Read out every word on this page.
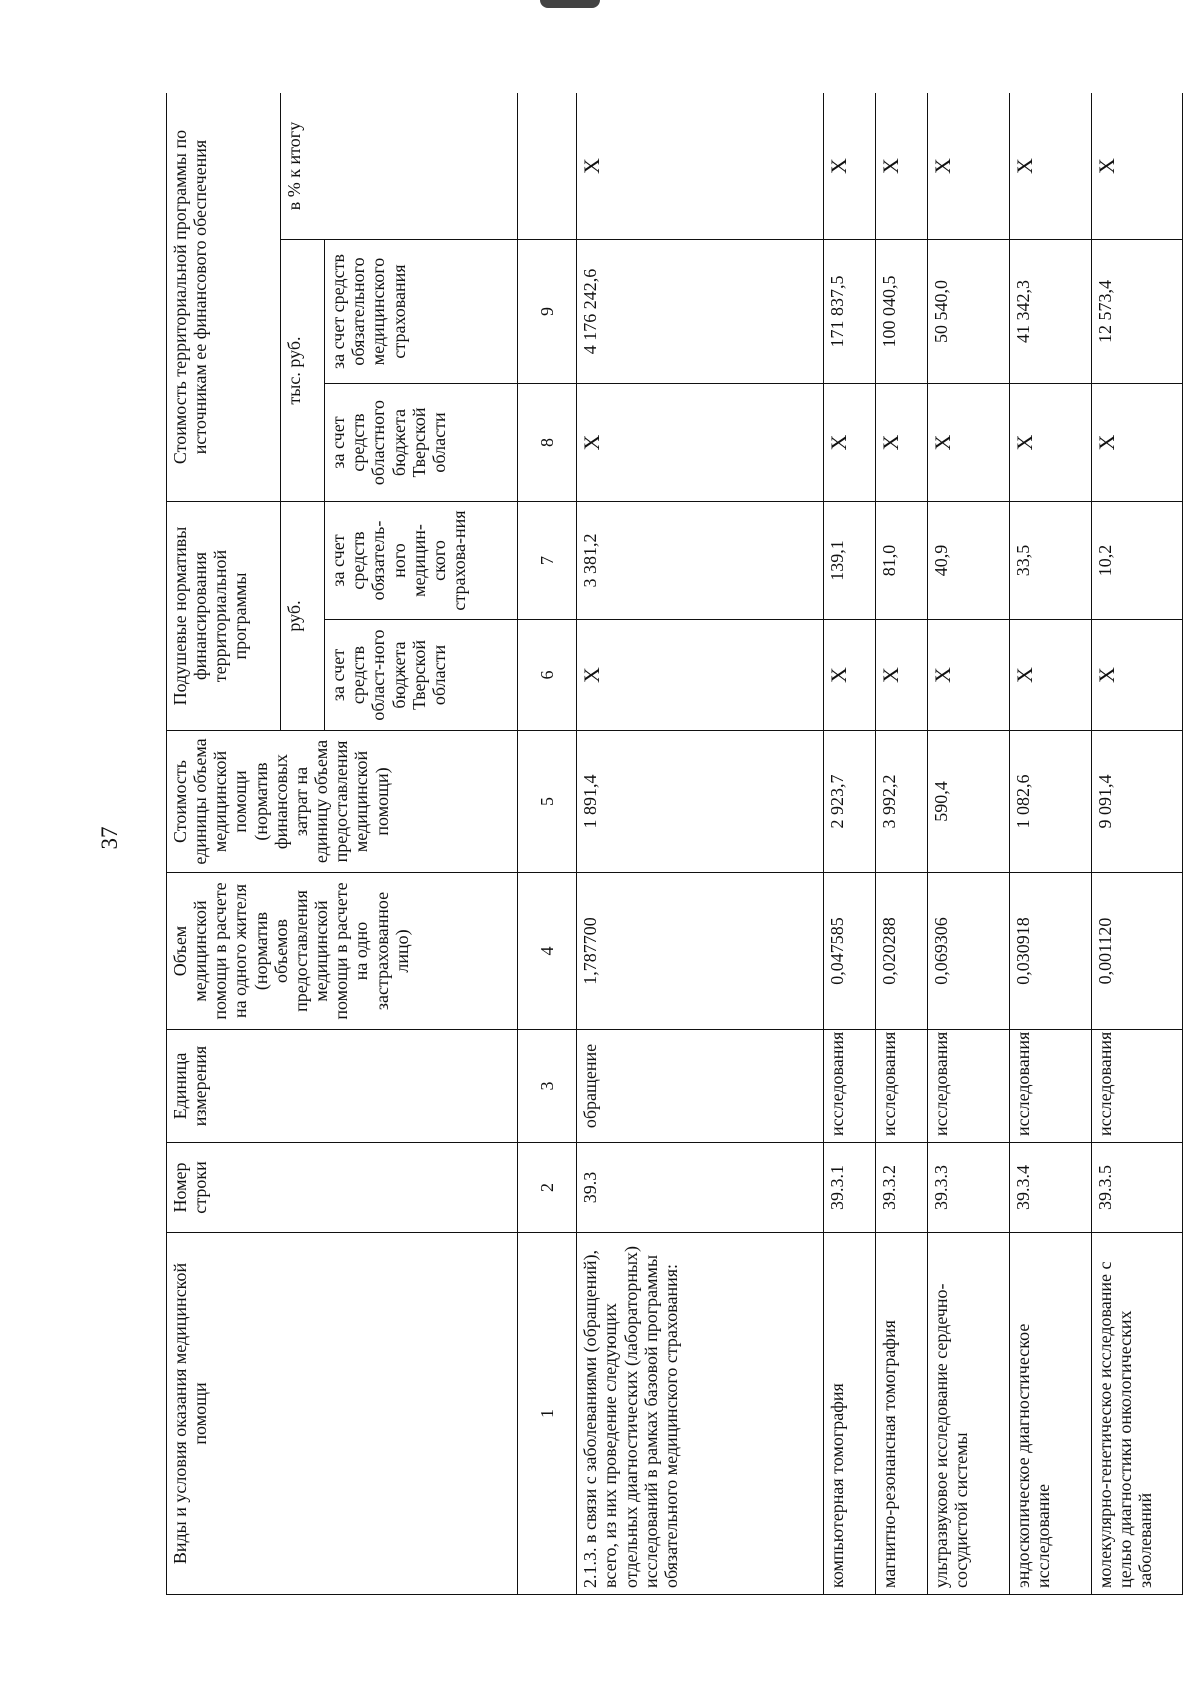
37
Виды и условия оказания медицинской помощи	Номер строки	Единица измерения	Объем медицинской помощи в расчете на одного жителя (норматив объемов предоставления медицинской помощи в расчете на одно застрахованное лицо)	Стоимость единицы объема медицинской помощи (норматив финансовых затрат на единицу объема предоставления медицинской помощи)	Подушевые нормативы финансирования территориальной программы		Стоимость территориальной программы по источникам ее финансового обеспечения		
					руб.		тыс. руб.		в % к итогу
					за счет средств област-ного бюджета Тверской области	за счет средств обязатель-ного медицин-ского страхова-ния	за счет средств областного бюджета Тверской области	за счет средств обязательного медицинского страхования	
1	2	3	4	5	6	7	8	9	
2.1.3. в связи с заболеваниями (обращений), всего, из них проведение следующих отдельных диагностических (лабораторных) исследований в рамках базовой программы обязательного медицинского страхования:	39.3	обращение	1,787700	1 891,4	Х	3 381,2	Х	4 176 242,6	Х
компьютерная томография	39.3.1	исследования	0,047585	2 923,7	Х	139,1	Х	171 837,5	Х
магнитно-резонансная томография	39.3.2	исследования	0,020288	3 992,2	Х	81,0	Х	100 040,5	Х
ультразвуковое исследование сердечно-сосудистой системы	39.3.3	исследования	0,069306	590,4	Х	40,9	Х	50 540,0	Х
эндоскопическое диагностическое исследование	39.3.4	исследования	0,030918	1 082,6	Х	33,5	Х	41 342,3	Х
молекулярно-генетическое исследование с целью диагностики онкологических заболеваний	39.3.5	исследования	0,001120	9 091,4	Х	10,2	Х	12 573,4	Х
